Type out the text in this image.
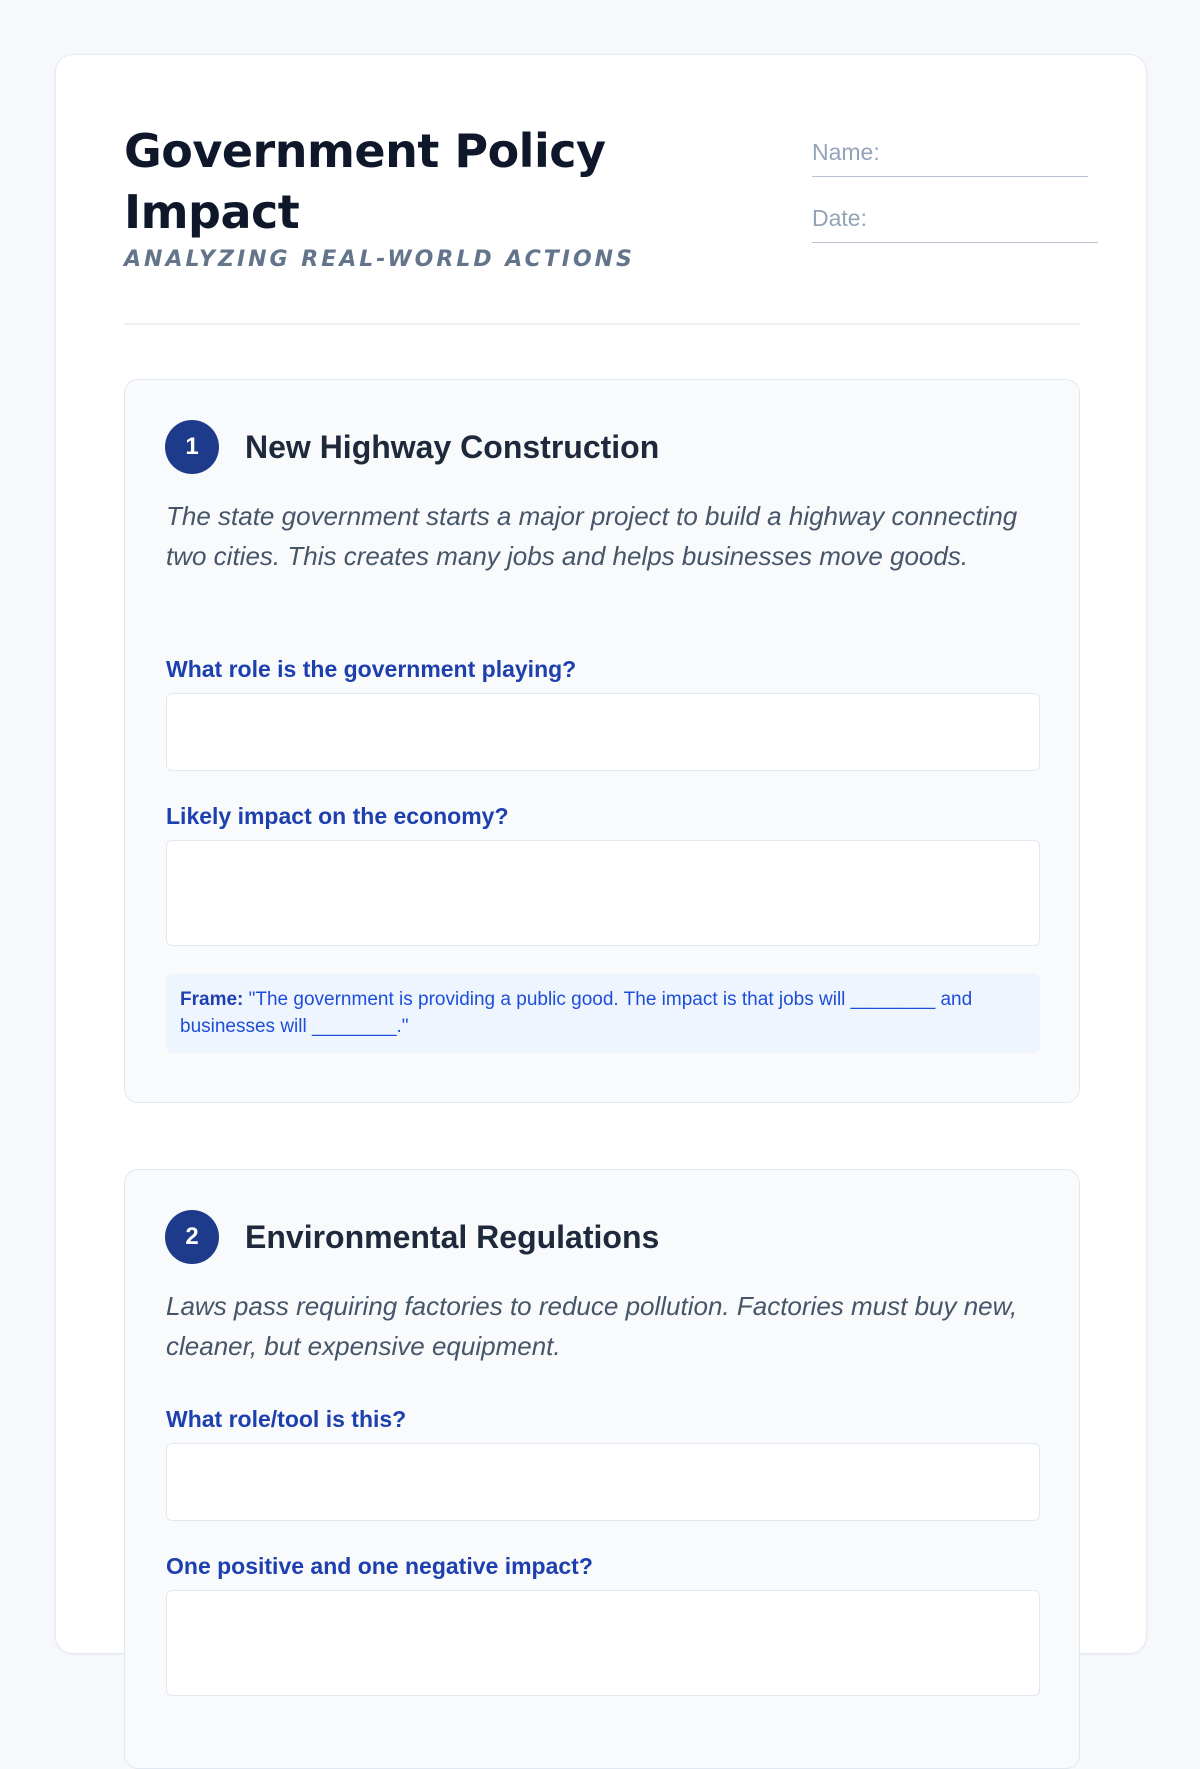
Government Policy Impact
ANALYZING REAL-WORLD ACTIONS
Name:
Date:
1	New Highway Construction

The state government starts a major project to build a highway connecting two cities. This creates many jobs and helps businesses move goods.

What role is the government playing?
Likely impact on the economy?
Frame: "The government is providing a public good. The impact is that jobs will ________ and businesses will ________."
2	Environmental Regulations

Laws pass requiring factories to reduce pollution. Factories must buy new, cleaner, but expensive equipment.

What role/tool is this?
One positive and one negative impact?
